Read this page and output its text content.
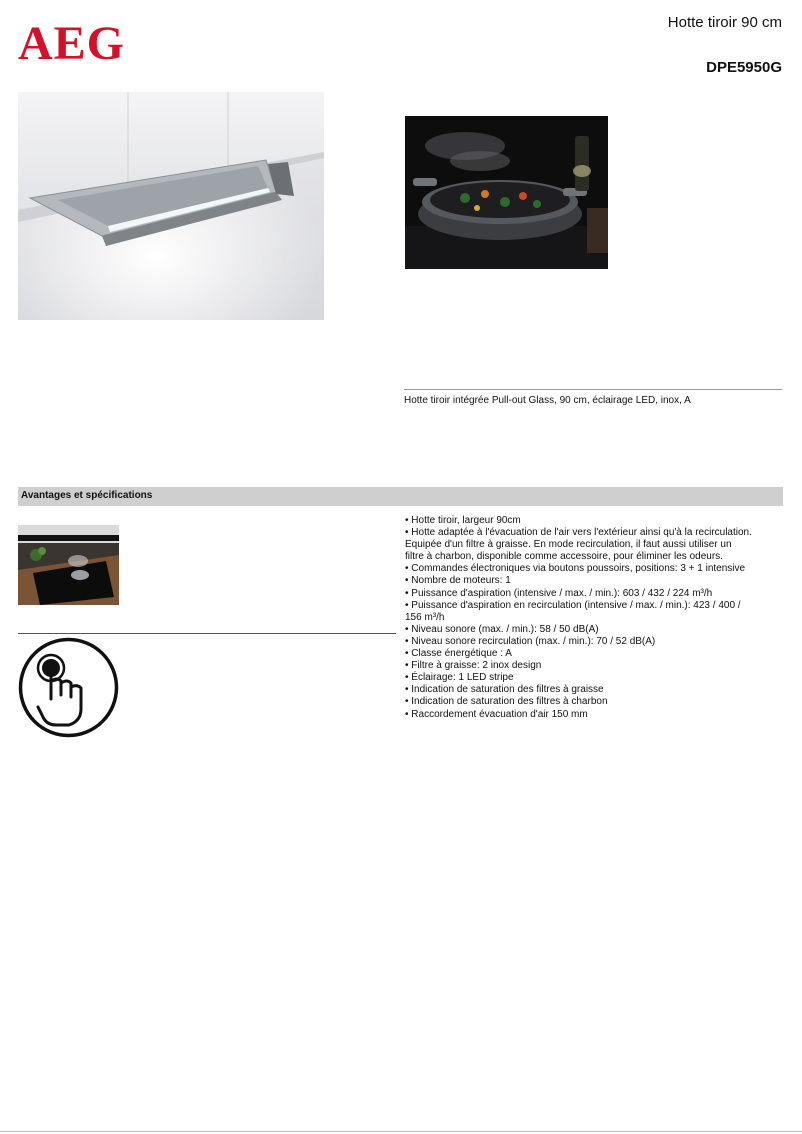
AEG	Hotte tiroir 90 cm
DPE5950G
Hotte tiroir intégrée Pull-out Glass, 90 cm, éclairage LED, inox, A
Avantages et spécifications
• Hotte tiroir, largeur 90cm
• Hotte adaptée à l'évacuation de l'air vers l'extérieur ainsi qu'à la recirculation.
Equipée d'un filtre à graisse. En mode recirculation, il faut aussi utiliser un
filtre à charbon, disponible comme accessoire, pour éliminer les odeurs.
• Commandes électroniques via boutons poussoirs, positions: 3 + 1 intensive
• Nombre de moteurs: 1
• Puissance d'aspiration (intensive / max. / min.): 603 / 432 / 224 m³/h
• Puissance d'aspiration en recirculation (intensive / max. / min.): 423 / 400 /
156 m³/h
• Niveau sonore (max. / min.): 58 / 50 dB(A)
• Niveau sonore recirculation (max. / min.): 70 / 52 dB(A)
• Classe énergétique : A
• Filtre à graisse: 2 inox design
• Éclairage: 1 LED stripe
• Indication de saturation des filtres à graisse
• Indication de saturation des filtres à charbon
• Raccordement évacuation d'air 150 mm
